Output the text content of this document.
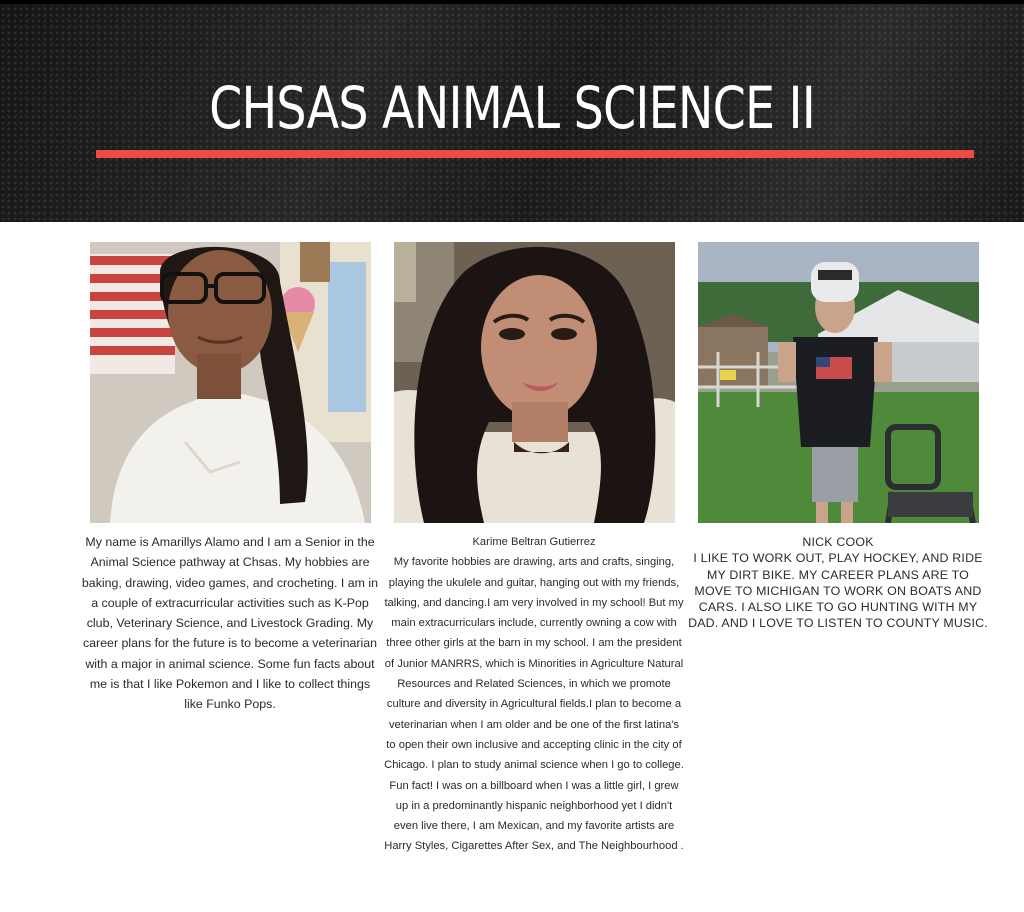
CHSAS ANIMAL SCIENCE II
My name is Amarillys Alamo and I am a Senior in the Animal Science pathway at Chsas. My hobbies are baking, drawing, video games, and crocheting. I am in a couple of extracurricular activities such as K-Pop club, Veterinary Science, and Livestock Grading. My career plans for the future is to become a veterinarian with a major in animal science. Some fun facts about me is that I like Pokemon and I like to collect things like Funko Pops.
Karime Beltran Gutierrez
My favorite hobbies are drawing, arts and crafts, singing, playing the ukulele and guitar, hanging out with my friends, talking, and dancing.I am very involved in my school! But my main extracurriculars include, currently owning a cow with three other girls at the barn in my school. I am the president of Junior MANRRS, which is Minorities in Agriculture Natural Resources and Related Sciences, in which we promote culture and diversity in Agricultural fields.I plan to become a veterinarian when I am older and be one of the first latina's to open their own inclusive and accepting clinic in the city of Chicago. I plan to study animal science when I go to college. Fun fact! I was on a billboard when I was a little girl, I grew up in a predominantly hispanic neighborhood yet I didn't even live there, I am Mexican, and my favorite artists are Harry Styles, Cigarettes After Sex, and The Neighbourhood .
NICK COOK
I LIKE TO WORK OUT, PLAY HOCKEY, AND RIDE MY DIRT BIKE. MY CAREER PLANS ARE TO MOVE TO MICHIGAN TO WORK ON BOATS AND CARS. I ALSO LIKE TO GO HUNTING WITH MY DAD. AND I LOVE TO LISTEN TO COUNTY MUSIC.
